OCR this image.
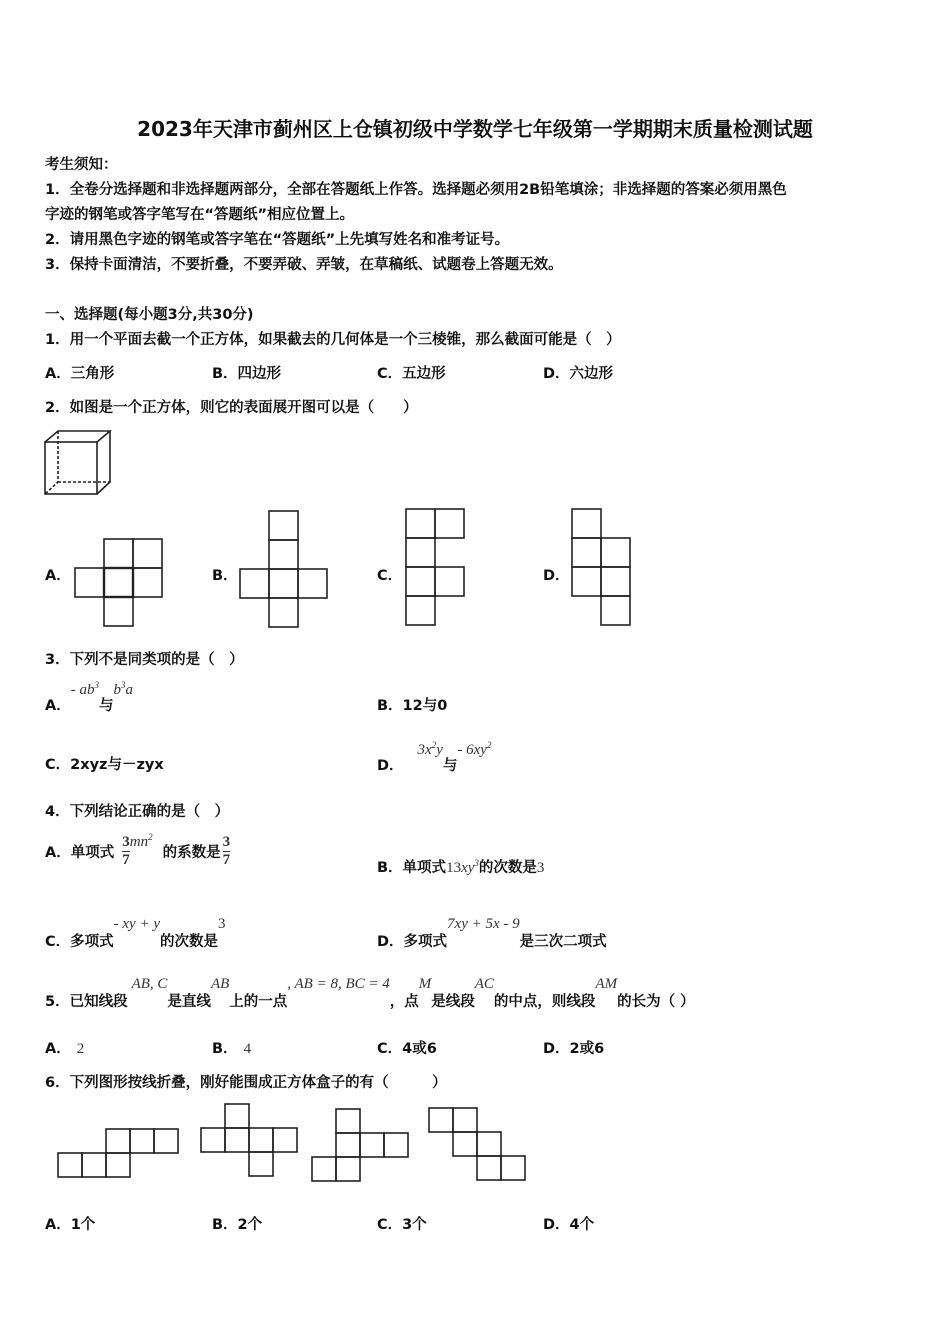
2023年天津市蓟州区上仓镇初级中学数学七年级第一学期期末质量检测试题
考生须知：
1．全卷分选择题和非选择题两部分，全部在答题纸上作答。选择题必须用2B铅笔填涂；非选择题的答案必须用黑色
字迹的钢笔或答字笔写在“答题纸”相应位置上。
2．请用黑色字迹的钢笔或答字笔在“答题纸”上先填写姓名和准考证号。
3．保持卡面清洁，不要折叠，不要弄破、弄皱，在草稿纸、试题卷上答题无效。
一、选择题(每小题3分,共30分)
1．用一个平面去截一个正方体，如果截去的几何体是一个三棱锥，那么截面可能是（　）
A．三角形	B．四边形	C．五边形	D．六边形
2．如图是一个正方体，则它的表面展开图可以是（　　）
A．	B．	C．	D．
3．下列不是同类项的是（　）
A．- $ab^3$与$b^3a$
B．12与0
C．2xyz与－zyx	D．$3x^2y$与- $6xy^2$
4．下列结论正确的是（　）
A．单项式 $\frac{3}{7} mn^2$的系数是 $\frac{3}{7}$	B．单项式$13xy^3$的次数是3
C．多项式- xy + y的次数是3
D．多项式7xy + 5x - 9是三次二项式
5．已知线段AB, C是直线AB上的一点, AB = 8, BC = 4，点M是线段AC的中点，则线段AM的长为（ ）
A． 2	B． 4	C．4或6	D．2或6
6．下列图形按线折叠，刚好能围成正方体盒子的有（　　　）
A．1个	B．2个	C．3个	D．4个
